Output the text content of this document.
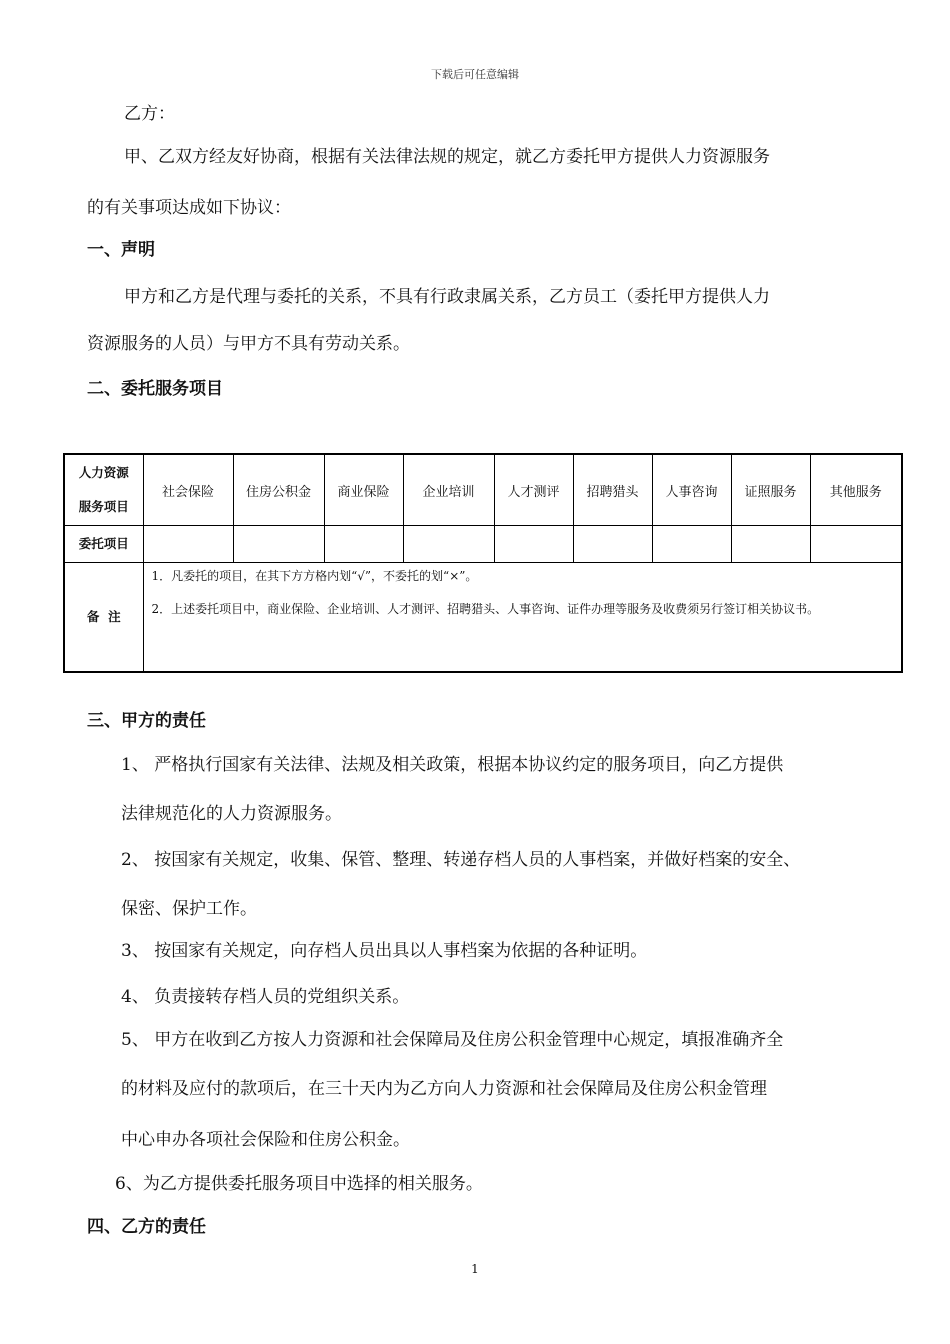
下载后可任意编辑
乙方：
甲、乙双方经友好协商，根据有关法律法规的规定，就乙方委托甲方提供人力资源服务
的有关事项达成如下协议：
一、声明
甲方和乙方是代理与委托的关系，不具有行政隶属关系，乙方员工（委托甲方提供人力
资源服务的人员）与甲方不具有劳动关系。
二、委托服务项目
人力资源
服务项目	社会保险	住房公积金	商业保险	企业培训	人才测评	招聘猎头	人事咨询	证照服务	其他服务
委托项目									
备  注	1．凡委托的项目，在其下方方格内划“√”，不委托的划“×”。
2．上述委托项目中，商业保险、企业培训、人才测评、招聘猎头、人事咨询、证件办理等服务及收费须另行签订相关协议书。								
三、甲方的责任
1、 严格执行国家有关法律、法规及相关政策，根据本协议约定的服务项目，向乙方提供
法律规范化的人力资源服务。
2、 按国家有关规定，收集、保管、整理、转递存档人员的人事档案，并做好档案的安全、
保密、保护工作。
3、 按国家有关规定，向存档人员出具以人事档案为依据的各种证明。
4、 负责接转存档人员的党组织关系。
5、 甲方在收到乙方按人力资源和社会保障局及住房公积金管理中心规定，填报准确齐全
的材料及应付的款项后，在三十天内为乙方向人力资源和社会保障局及住房公积金管理
中心申办各项社会保险和住房公积金。
6、为乙方提供委托服务项目中选择的相关服务。
四、乙方的责任
1
